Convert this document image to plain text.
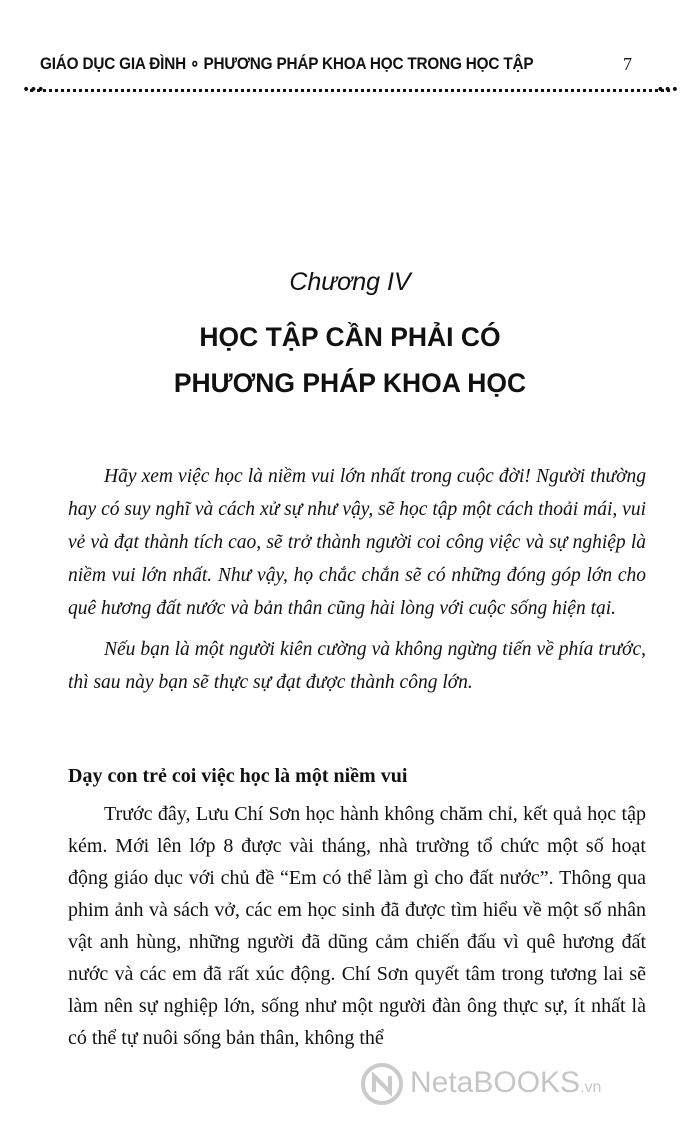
GIÁO DỤC GIA ĐÌNH ∘ PHƯƠNG PHÁP KHOA HỌC TRONG HỌC TẬP	7
•••	•••
Chương IV
HỌC TẬP CẦN PHẢI CÓ
PHƯƠNG PHÁP KHOA HỌC

Hãy xem việc học là niềm vui lớn nhất trong cuộc đời! Người thường hay có suy nghĩ và cách xử sự như vậy, sẽ học tập một cách thoải mái, vui vẻ và đạt thành tích cao, sẽ trở thành người coi công việc và sự nghiệp là niềm vui lớn nhất. Như vậy, họ chắc chắn sẽ có những đóng góp lớn cho quê hương đất nước và bản thân cũng hài lòng với cuộc sống hiện tại.

Nếu bạn là một người kiên cường và không ngừng tiến về phía trước, thì sau này bạn sẽ thực sự đạt được thành công lớn.

Dạy con trẻ coi việc học là một niềm vui

Trước đây, Lưu Chí Sơn học hành không chăm chỉ, kết quả học tập kém. Mới lên lớp 8 được vài tháng, nhà trường tổ chức một số hoạt động giáo dục với chủ đề “Em có thể làm gì cho đất nước”. Thông qua phim ảnh và sách vở, các em học sinh đã được tìm hiểu về một số nhân vật anh hùng, những người đã dũng cảm chiến đấu vì quê hương đất nước và các em đã rất xúc động. Chí Sơn quyết tâm trong tương lai sẽ làm nên sự nghiệp lớn, sống như một người đàn ông thực sự, ít nhất là có thể tự nuôi sống bản thân, không thể

NetaBOOKS.vn
